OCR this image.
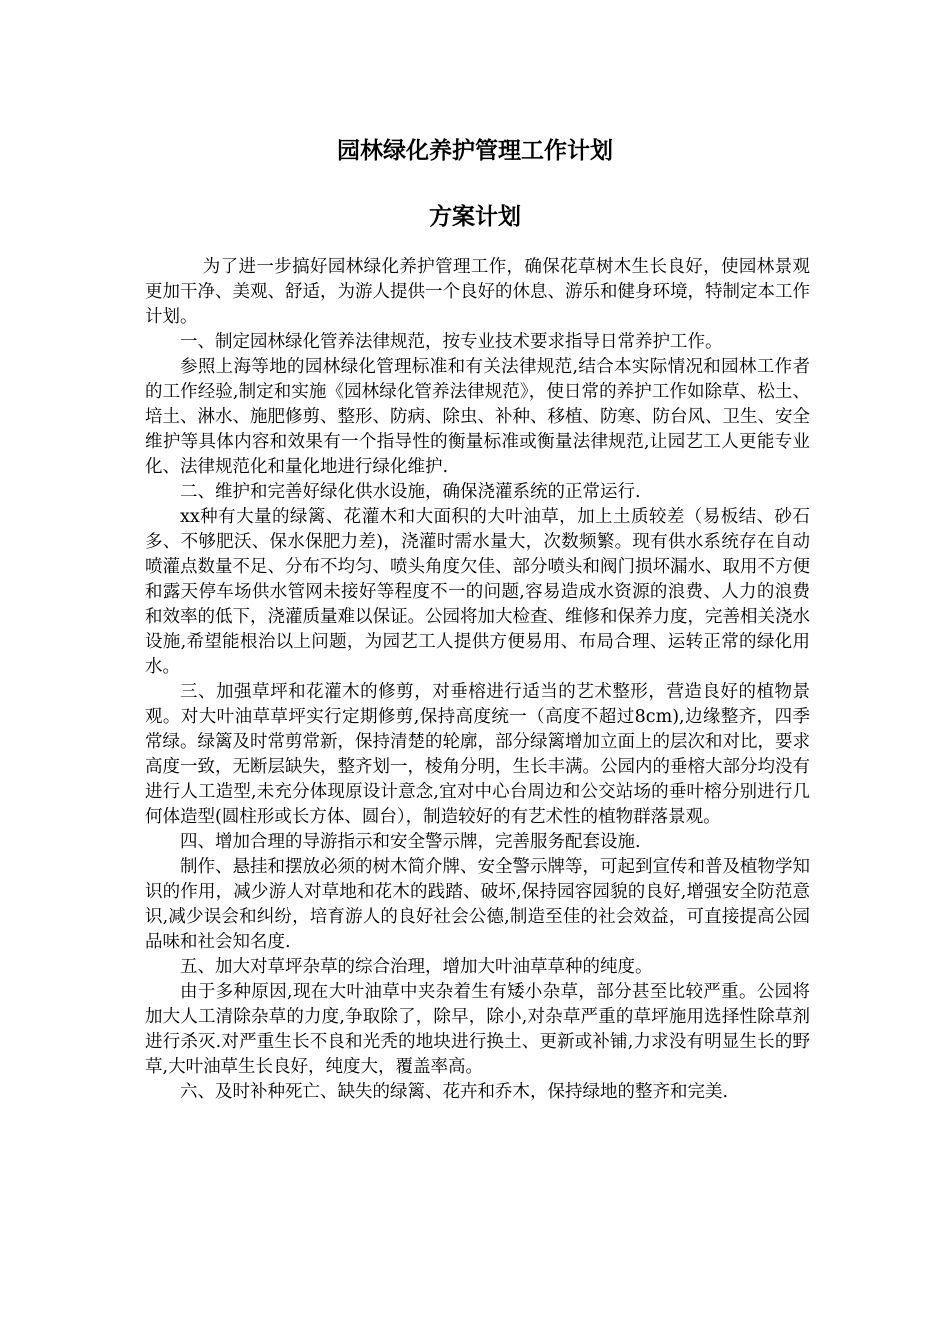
园林绿化养护管理工作计划
方案计划

为了进一步搞好园林绿化养护管理工作，确保花草树木生长良好，使园林景观更加干净、美观、舒适，为游人提供一个良好的休息、游乐和健身环境，特制定本工作计划。

一、制定园林绿化管养法律规范，按专业技术要求指导日常养护工作。

参照上海等地的园林绿化管理标准和有关法律规范,结合本实际情况和园林工作者的工作经验,制定和实施《园林绿化管养法律规范》，使日常的养护工作如除草、松土、培土、淋水、施肥修剪、整形、防病、除虫、补种、移植、防寒、防台风、卫生、安全维护等具体内容和效果有一个指导性的衡量标准或衡量法律规范,让园艺工人更能专业化、法律规范化和量化地进行绿化维护.

二、维护和完善好绿化供水设施，确保浇灌系统的正常运行.

xx种有大量的绿篱、花灌木和大面积的大叶油草，加上土质较差（易板结、砂石多、不够肥沃、保水保肥力差)，浇灌时需水量大，次数频繁。现有供水系统存在自动喷灌点数量不足、分布不均匀、喷头角度欠佳、部分喷头和阀门损坏漏水、取用不方便和露天停车场供水管网未接好等程度不一的问题,容易造成水资源的浪费、人力的浪费和效率的低下，浇灌质量难以保证。公园将加大检查、维修和保养力度，完善相关浇水设施,希望能根治以上问题，为园艺工人提供方便易用、布局合理、运转正常的绿化用水。

三、加强草坪和花灌木的修剪，对垂榕进行适当的艺术整形，营造良好的植物景观。对大叶油草草坪实行定期修剪,保持高度统一（高度不超过8cm),边缘整齐，四季常绿。绿篱及时常剪常新，保持清楚的轮廓，部分绿篱增加立面上的层次和对比，要求高度一致，无断层缺失，整齐划一，棱角分明，生长丰满。公园内的垂榕大部分均没有进行人工造型,未充分体现原设计意念,宜对中心台周边和公交站场的垂叶榕分别进行几何体造型(圆柱形或长方体、圆台），制造较好的有艺术性的植物群落景观。

四、增加合理的导游指示和安全警示牌，完善服务配套设施.

制作、悬挂和摆放必须的树木简介牌、安全警示牌等，可起到宣传和普及植物学知识的作用，减少游人对草地和花木的践踏、破坏,保持园容园貌的良好,增强安全防范意识,减少误会和纠纷，培育游人的良好社会公德,制造至佳的社会效益，可直接提高公园品味和社会知名度.

五、加大对草坪杂草的综合治理，增加大叶油草草种的纯度。

由于多种原因,现在大叶油草中夹杂着生有矮小杂草，部分甚至比较严重。公园将加大人工清除杂草的力度,争取除了，除早，除小,对杂草严重的草坪施用选择性除草剂进行杀灭.对严重生长不良和光秃的地块进行换土、更新或补铺,力求没有明显生长的野草,大叶油草生长良好，纯度大，覆盖率高。

六、及时补种死亡、缺失的绿篱、花卉和乔木，保持绿地的整齐和完美.
